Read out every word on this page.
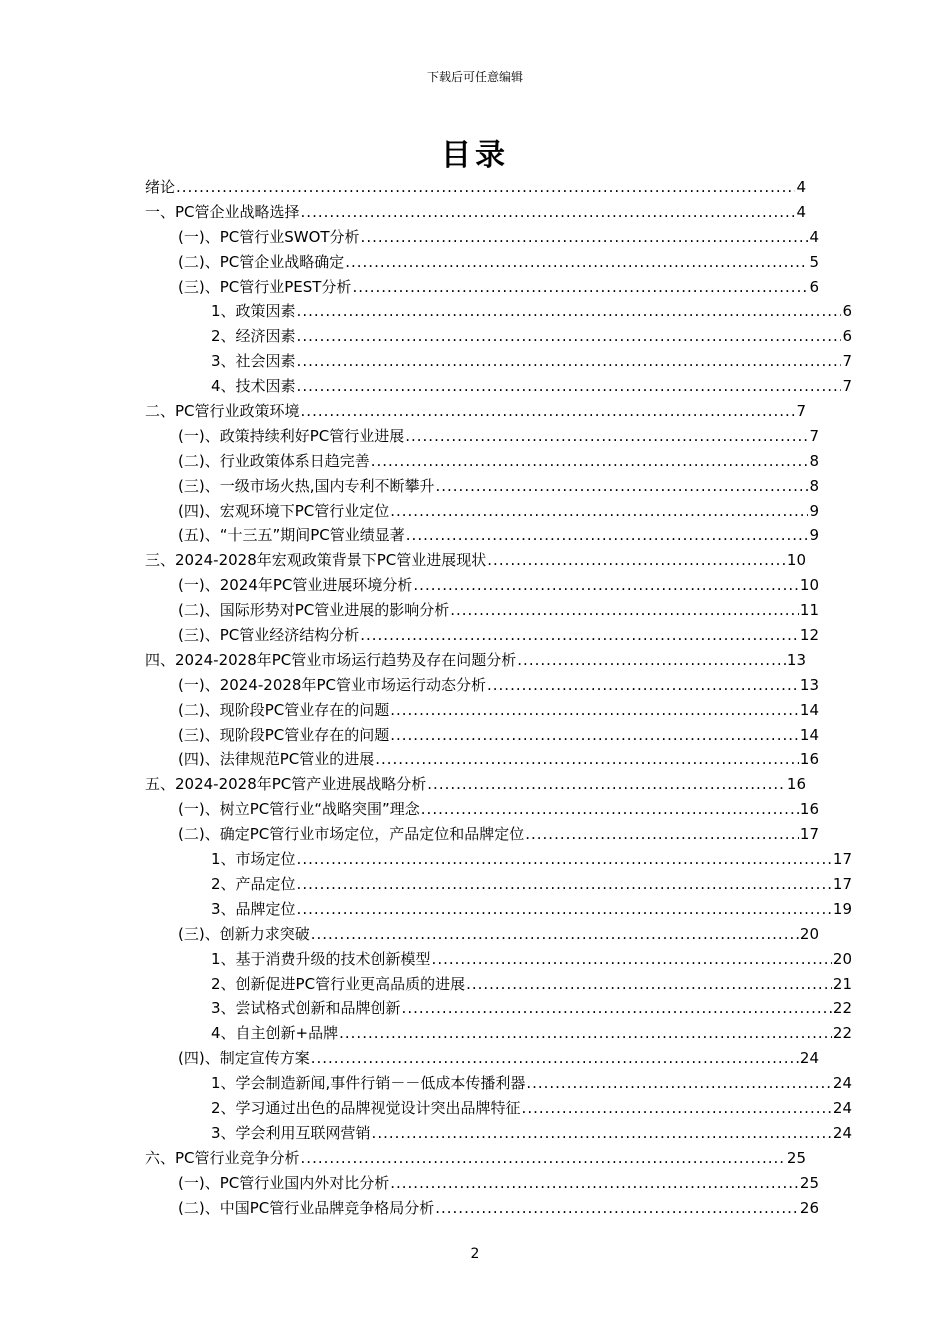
下载后可任意编辑
目录
绪论 .....	4
一、PC管企业战略选择 .....	4
(一)、PC管行业SWOT分析 .....	4
(二)、PC管企业战略确定 .....	5
(三)、PC管行业PEST分析 .....	6
1、政策因素 .....	6
2、经济因素 .....	6
3、社会因素 .....	7
4、技术因素 .....	7
二、PC管行业政策环境 .....	7
(一)、政策持续利好PC管行业进展 .....	7
(二)、行业政策体系日趋完善 .....	8
(三)、一级市场火热,国内专利不断攀升 .....	8
(四)、宏观环境下PC管行业定位 .....	9
(五)、“十三五”期间PC管业绩显著 .....	9
三、2024-2028年宏观政策背景下PC管业进展现状 .....	10
(一)、2024年PC管业进展环境分析 .....	10
(二)、国际形势对PC管业进展的影响分析 .....	11
(三)、PC管业经济结构分析 .....	12
四、2024-2028年PC管业市场运行趋势及存在问题分析 .....	13
(一)、2024-2028年PC管业市场运行动态分析 .....	13
(二)、现阶段PC管业存在的问题 .....	14
(三)、现阶段PC管业存在的问题 .....	14
(四)、法律规范PC管业的进展 .....	16
五、2024-2028年PC管产业进展战略分析 .....	16
(一)、树立PC管行业“战略突围”理念 .....	16
(二)、确定PC管行业市场定位，产品定位和品牌定位 .....	17
1、市场定位 .....	17
2、产品定位 .....	17
3、品牌定位 .....	19
(三)、创新力求突破 .....	20
1、基于消费升级的技术创新模型 .....	20
2、创新促进PC管行业更高品质的进展 .....	21
3、尝试格式创新和品牌创新 .....	22
4、自主创新+品牌 .....	22
(四)、制定宣传方案 .....	24
1、学会制造新闻,事件行销－－低成本传播利器 .....	24
2、学习通过出色的品牌视觉设计突出品牌特征 .....	24
3、学会利用互联网营销 .....	24
六、PC管行业竞争分析 .....	25
(一)、PC管行业国内外对比分析 .....	25
(二)、中国PC管行业品牌竞争格局分析 .....	26
2
